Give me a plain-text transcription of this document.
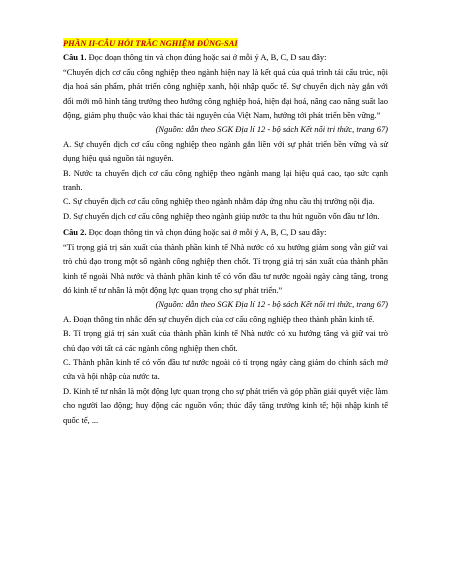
PHẦN II-CÂU HỎI TRẮC NGHIỆM ĐÚNG-SAI

Câu 1. Đọc đoạn thông tin và chọn đúng hoặc sai ở mỗi ý A, B, C, D sau đây:

“Chuyển dịch cơ cấu công nghiệp theo ngành hiện nay là kết quả của quá trình tái cấu trúc, nội địa hoá sản phẩm, phát triển công nghiệp xanh, hội nhập quốc tế. Sự chuyển dịch này gắn với đổi mới mô hình tăng trưởng theo hướng công nghiệp hoá, hiện đại hoá, nâng cao năng suất lao động, giảm phụ thuộc vào khai thác tài nguyên của Việt Nam, hướng tới phát triển bền vững.”

(Nguồn: dẫn theo SGK Địa lí 12 - bộ sách Kết nối tri thức, trang 67)

A. Sự chuyển dịch cơ cấu công nghiệp theo ngành gắn liền với sự phát triển bền vững và sử dụng hiệu quả nguồn tài nguyên.

B. Nước ta chuyển dịch cơ cấu công nghiệp theo ngành mang lại hiệu quả cao, tạo sức cạnh tranh.

C. Sự chuyển dịch cơ cấu công nghiệp theo ngành nhằm đáp ứng nhu cầu thị trường nội địa.

D. Sự chuyển dịch cơ cấu công nghiệp theo ngành giúp nước ta thu hút nguồn vốn đầu tư lớn.

Câu 2. Đọc đoạn thông tin và chọn đúng hoặc sai ở mỗi ý A, B, C, D sau đây:

“Tỉ trọng giá trị sản xuất của thành phần kinh tế Nhà nước có xu hướng giảm song vẫn giữ vai trò chủ đạo trong một số ngành công nghiệp then chốt. Tỉ trọng giá trị sản xuất của thành phần kinh tế ngoài Nhà nước và thành phần kinh tế có vốn đầu tư nước ngoài ngày càng tăng, trong đó kinh tế tư nhân là một động lực quan trọng cho sự phát triển.”

(Nguồn: dẫn theo SGK Địa lí 12 - bộ sách Kết nối tri thức, trang 67)

A. Đoạn thông tin nhắc đến sự chuyển dịch của cơ cấu công nghiệp theo thành phần kinh tế.

B. Tỉ trọng giá trị sản xuất của thành phần kinh tế Nhà nước có xu hướng tăng và giữ vai trò chủ đạo với tất cả các ngành công nghiệp then chốt.

C. Thành phần kinh tế có vốn đầu tư nước ngoài có tỉ trọng ngày càng giảm do chính sách mở cửa và hội nhập của nước ta.

D. Kinh tế tư nhân là một động lực quan trọng cho sự phát triển và góp phần giải quyết việc làm cho người lao động; huy động các nguồn vốn; thúc đẩy tăng trưởng kinh tế; hội nhập kinh tế quốc tế, ...
